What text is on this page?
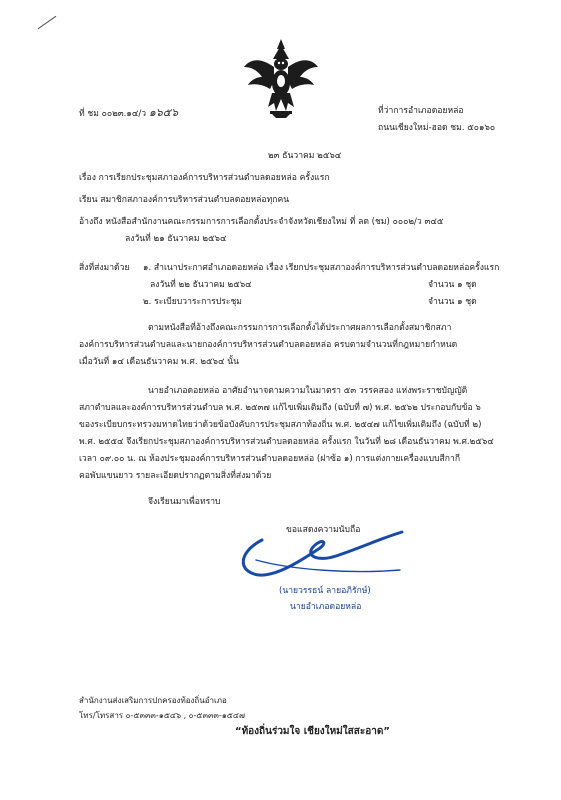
ที่ ชม ๐๐๒๓.๑๔/ว ๑๖๕๖	ที่ว่าการอำเภอดอยหล่อ
ถนนเชียงใหม่-ฮอด ชม. ๕๐๑๖๐
๒๓ ธันวาคม ๒๕๖๔
เรื่อง การเรียกประชุมสภาองค์การบริหารส่วนตำบลดอยหล่อ ครั้งแรก
เรียน สมาชิกสภาองค์การบริหารส่วนตำบลดอยหล่อทุกคน
อ้างถึง หนังสือสำนักงานคณะกรรมการการเลือกตั้งประจำจังหวัดเชียงใหม่ ที่ ลต (ชม) ๐๐๐๒/ว ๓๔๕
ลงวันที่ ๒๑ ธันวาคม ๒๕๖๔
สิ่งที่ส่งมาด้วย ๑. สำเนาประกาศอำเภอดอยหล่อ เรื่อง เรียกประชุมสภาองค์การบริหารส่วนตำบลดอยหล่อครั้งแรก
ลงวันที่ ๒๒ ธันวาคม ๒๕๖๔	จำนวน ๑ ชุด
๒. ระเบียบวาระการประชุม	จำนวน ๑ ชุด
ตามหนังสือที่อ้างถึงคณะกรรมการการเลือกตั้งได้ประกาศผลการเลือกตั้งสมาชิกสภา
องค์การบริหารส่วนตำบลและนายกองค์การบริหารส่วนตำบลดอยหล่อ ครบตามจำนวนที่กฎหมายกำหนด
เมื่อวันที่ ๑๔ เดือนธันวาคม พ.ศ. ๒๕๖๔ นั้น
นายอำเภอดอยหล่อ อาศัยอำนาจตามความในมาตรา ๕๓ วรรคสอง แห่งพระราชบัญญัติ
สภาตำบลและองค์การบริหารส่วนตำบล พ.ศ. ๒๕๓๗ แก้ไขเพิ่มเติมถึง (ฉบับที่ ๗) พ.ศ. ๒๕๖๒ ประกอบกับข้อ ๖
ของระเบียบกระทรวงมหาดไทยว่าด้วยข้อบังคับการประชุมสภาท้องถิ่น พ.ศ. ๒๕๔๗ แก้ไขเพิ่มเติมถึง (ฉบับที่ ๒)
พ.ศ. ๒๕๕๔ จึงเรียกประชุมสภาองค์การบริหารส่วนตำบลดอยหล่อ ครั้งแรก ในวันที่ ๒๘ เดือนธันวาคม พ.ศ.๒๕๖๔
เวลา ๐๙.๐๐ น. ณ ห้องประชุมองค์การบริหารส่วนตำบลดอยหล่อ (ฝาซ้อ ๑) การแต่งกายเครื่องแบบสีกากี
คอพับแขนยาว รายละเอียดปรากฏตามสิ่งที่ส่งมาด้วย
จึงเรียนมาเพื่อทราบ
ขอแสดงความนับถือ
(นายวรรธน์ ลายอภิรักษ์)
นายอำเภอดอยหล่อ
สำนักงานส่งเสริมการปกครองท้องถิ่นอำเภอ
โทร/โทรสาร ๐-๕๓๓๓-๑๕๔๖ , ๐-๕๓๓๓-๑๕๔๗
“ท้องถิ่นร่วมใจ เชียงใหม่ใสสะอาด”
